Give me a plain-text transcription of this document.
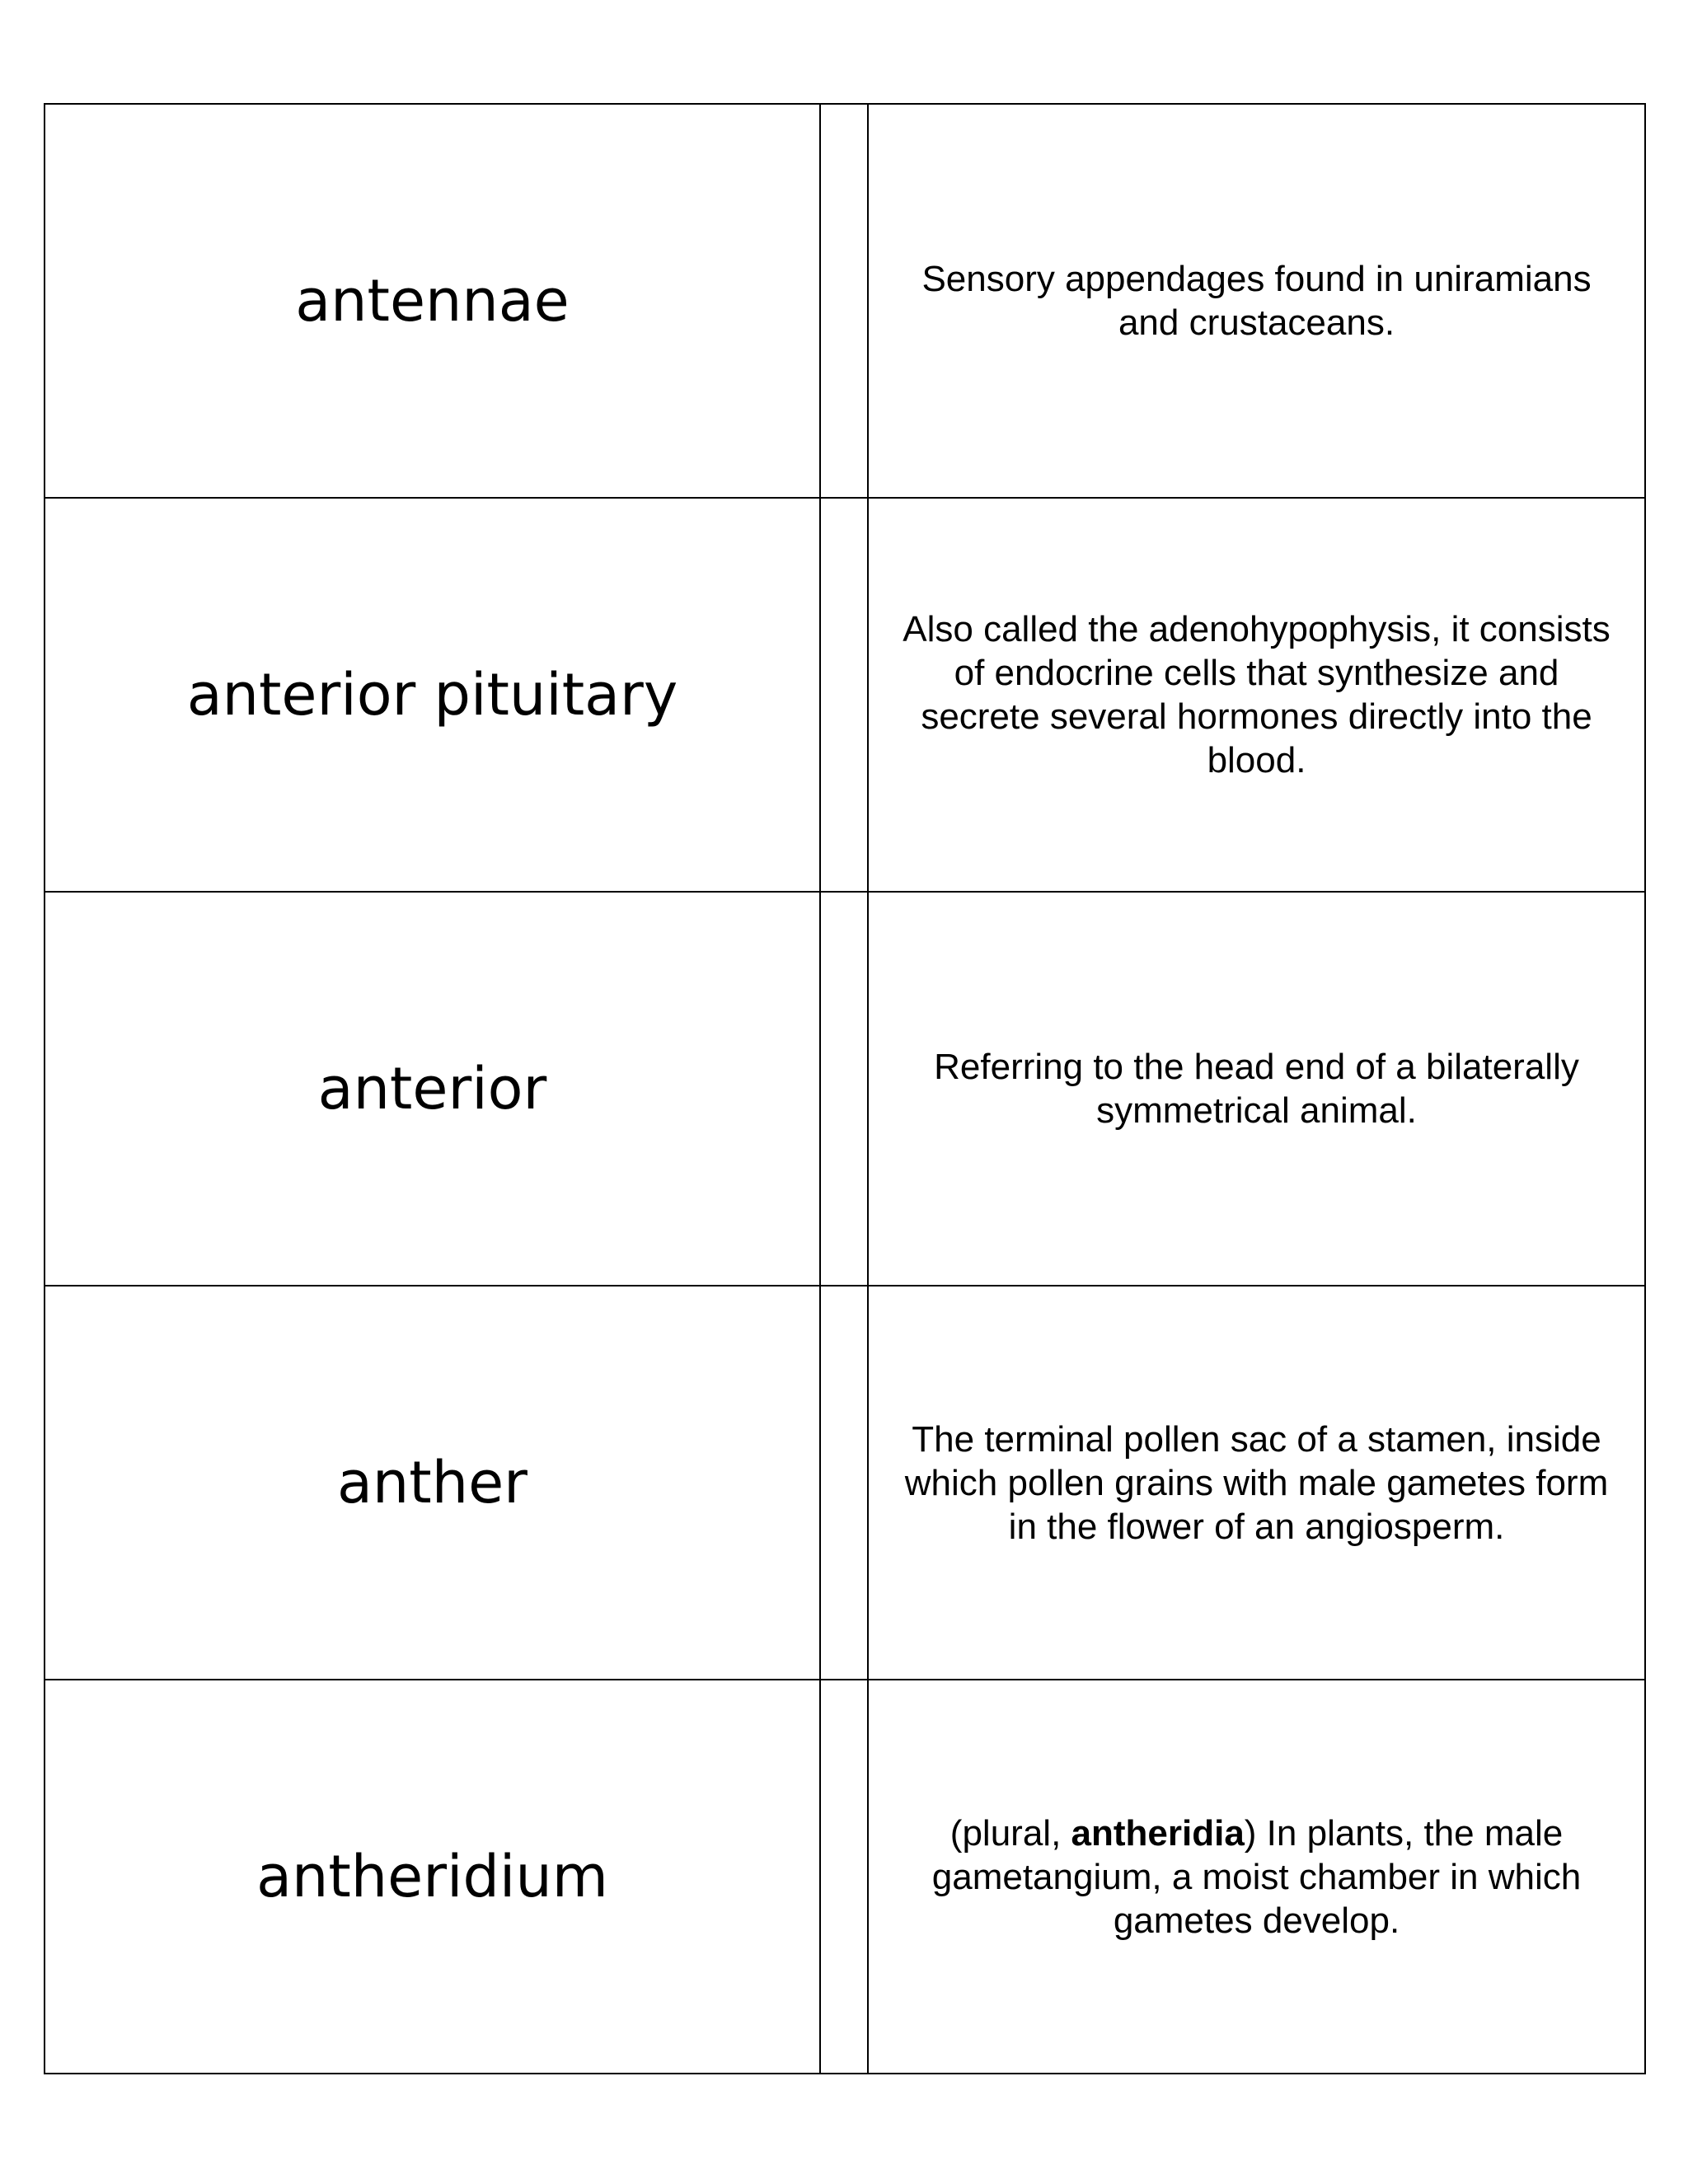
antennae		Sensory appendages found in uniramians and crustaceans.

anterior pituitary		Also called the adenohypophysis, it consists of endocrine cells that synthesize and secrete several hormones directly into the blood.

anterior		Referring to the head end of a bilaterally symmetrical animal.

anther		The terminal pollen sac of a stamen, inside which pollen grains with male gametes form in the flower of an angiosperm.

antheridium		(plural, antheridia) In plants, the male gametangium, a moist chamber in which gametes develop.
